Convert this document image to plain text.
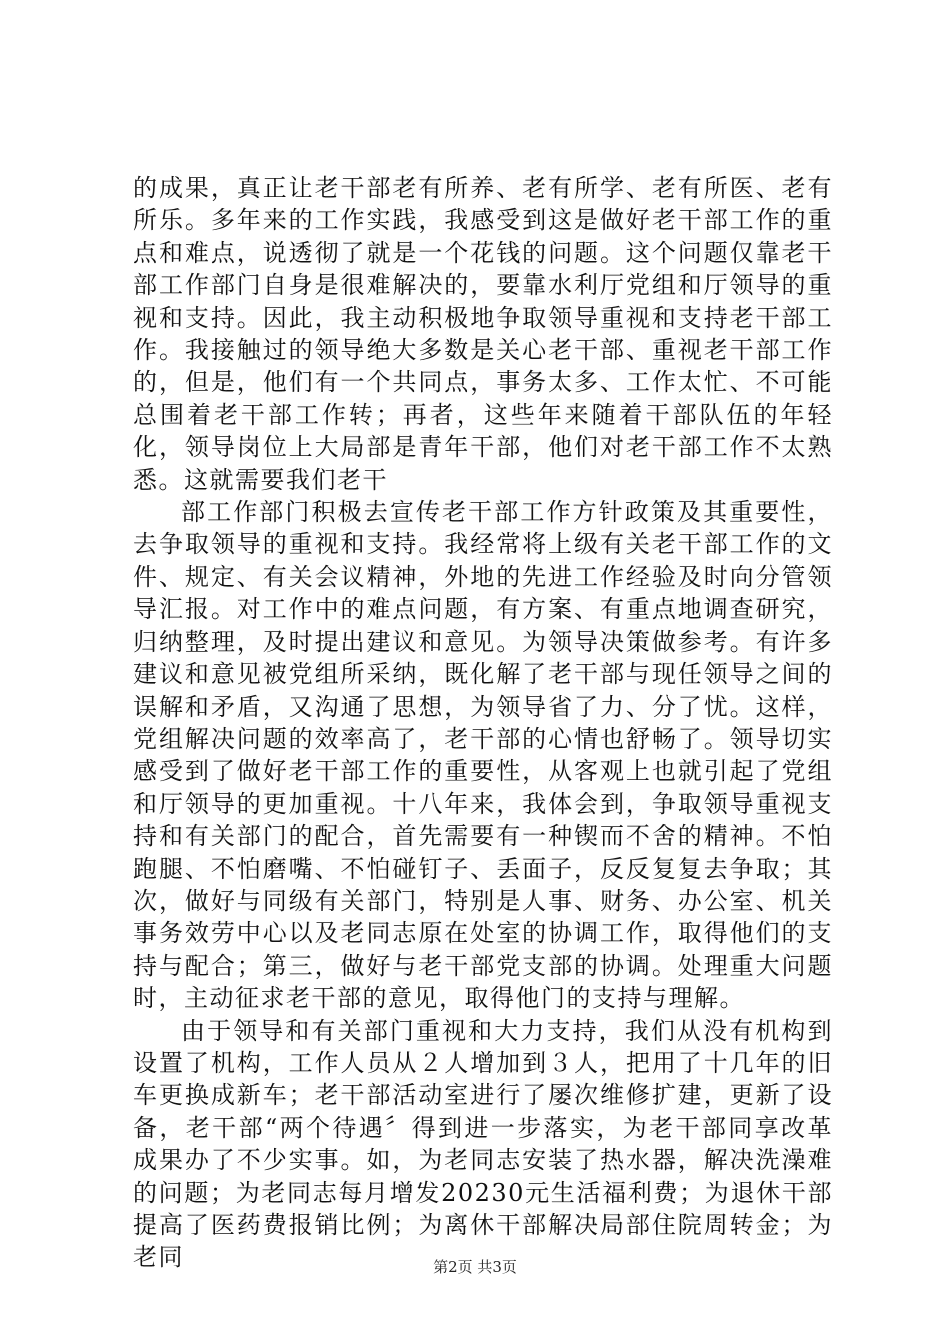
的成果，真正让老干部老有所养、老有所学、老有所医、老有所乐。多年来的工作实践，我感受到这是做好老干部工作的重点和难点，说透彻了就是一个花钱的问题。这个问题仅靠老干部工作部门自身是很难解决的，要靠水利厅党组和厅领导的重视和支持。因此，我主动积极地争取领导重视和支持老干部工作。我接触过的领导绝大多数是关心老干部、重视老干部工作的，但是，他们有一个共同点，事务太多、工作太忙、不可能总围着老干部工作转；再者，这些年来随着干部队伍的年轻化，领导岗位上大局部是青年干部，他们对老干部工作不太熟悉。这就需要我们老干

部工作部门积极去宣传老干部工作方针政策及其重要性，去争取领导的重视和支持。我经常将上级有关老干部工作的文件、规定、有关会议精神，外地的先进工作经验及时向分管领导汇报。对工作中的难点问题，有方案、有重点地调查研究，归纳整理，及时提出建议和意见。为领导决策做参考。有许多建议和意见被党组所采纳，既化解了老干部与现任领导之间的误解和矛盾，又沟通了思想，为领导省了力、分了忧。这样，党组解决问题的效率高了，老干部的心情也舒畅了。领导切实感受到了做好老干部工作的重要性，从客观上也就引起了党组和厅领导的更加重视。十八年来，我体会到，争取领导重视支持和有关部门的配合，首先需要有一种锲而不舍的精神。不怕跑腿、不怕磨嘴、不怕碰钉子、丢面子，反反复复去争取；其次，做好与同级有关部门，特别是人事、财务、办公室、机关事务效劳中心以及老同志原在处室的协调工作，取得他们的支持与配合；第三，做好与老干部党支部的协调。处理重大问题时，主动征求老干部的意见，取得他门的支持与理解。

由于领导和有关部门重视和大力支持，我们从没有机构到设置了机构，工作人员从２人增加到３人，把用了十几年的旧车更换成新车；老干部活动室进行了屡次维修扩建，更新了设备，老干部“两个待遇〞得到进一步落实，为老干部同享改革成果办了不少实事。如，为老同志安装了热水器，解决洗澡难的问题；为老同志每月增发20230元生活福利费；为退休干部提高了医药费报销比例；为离休干部解决局部住院周转金；为老同	第2页 共3页
